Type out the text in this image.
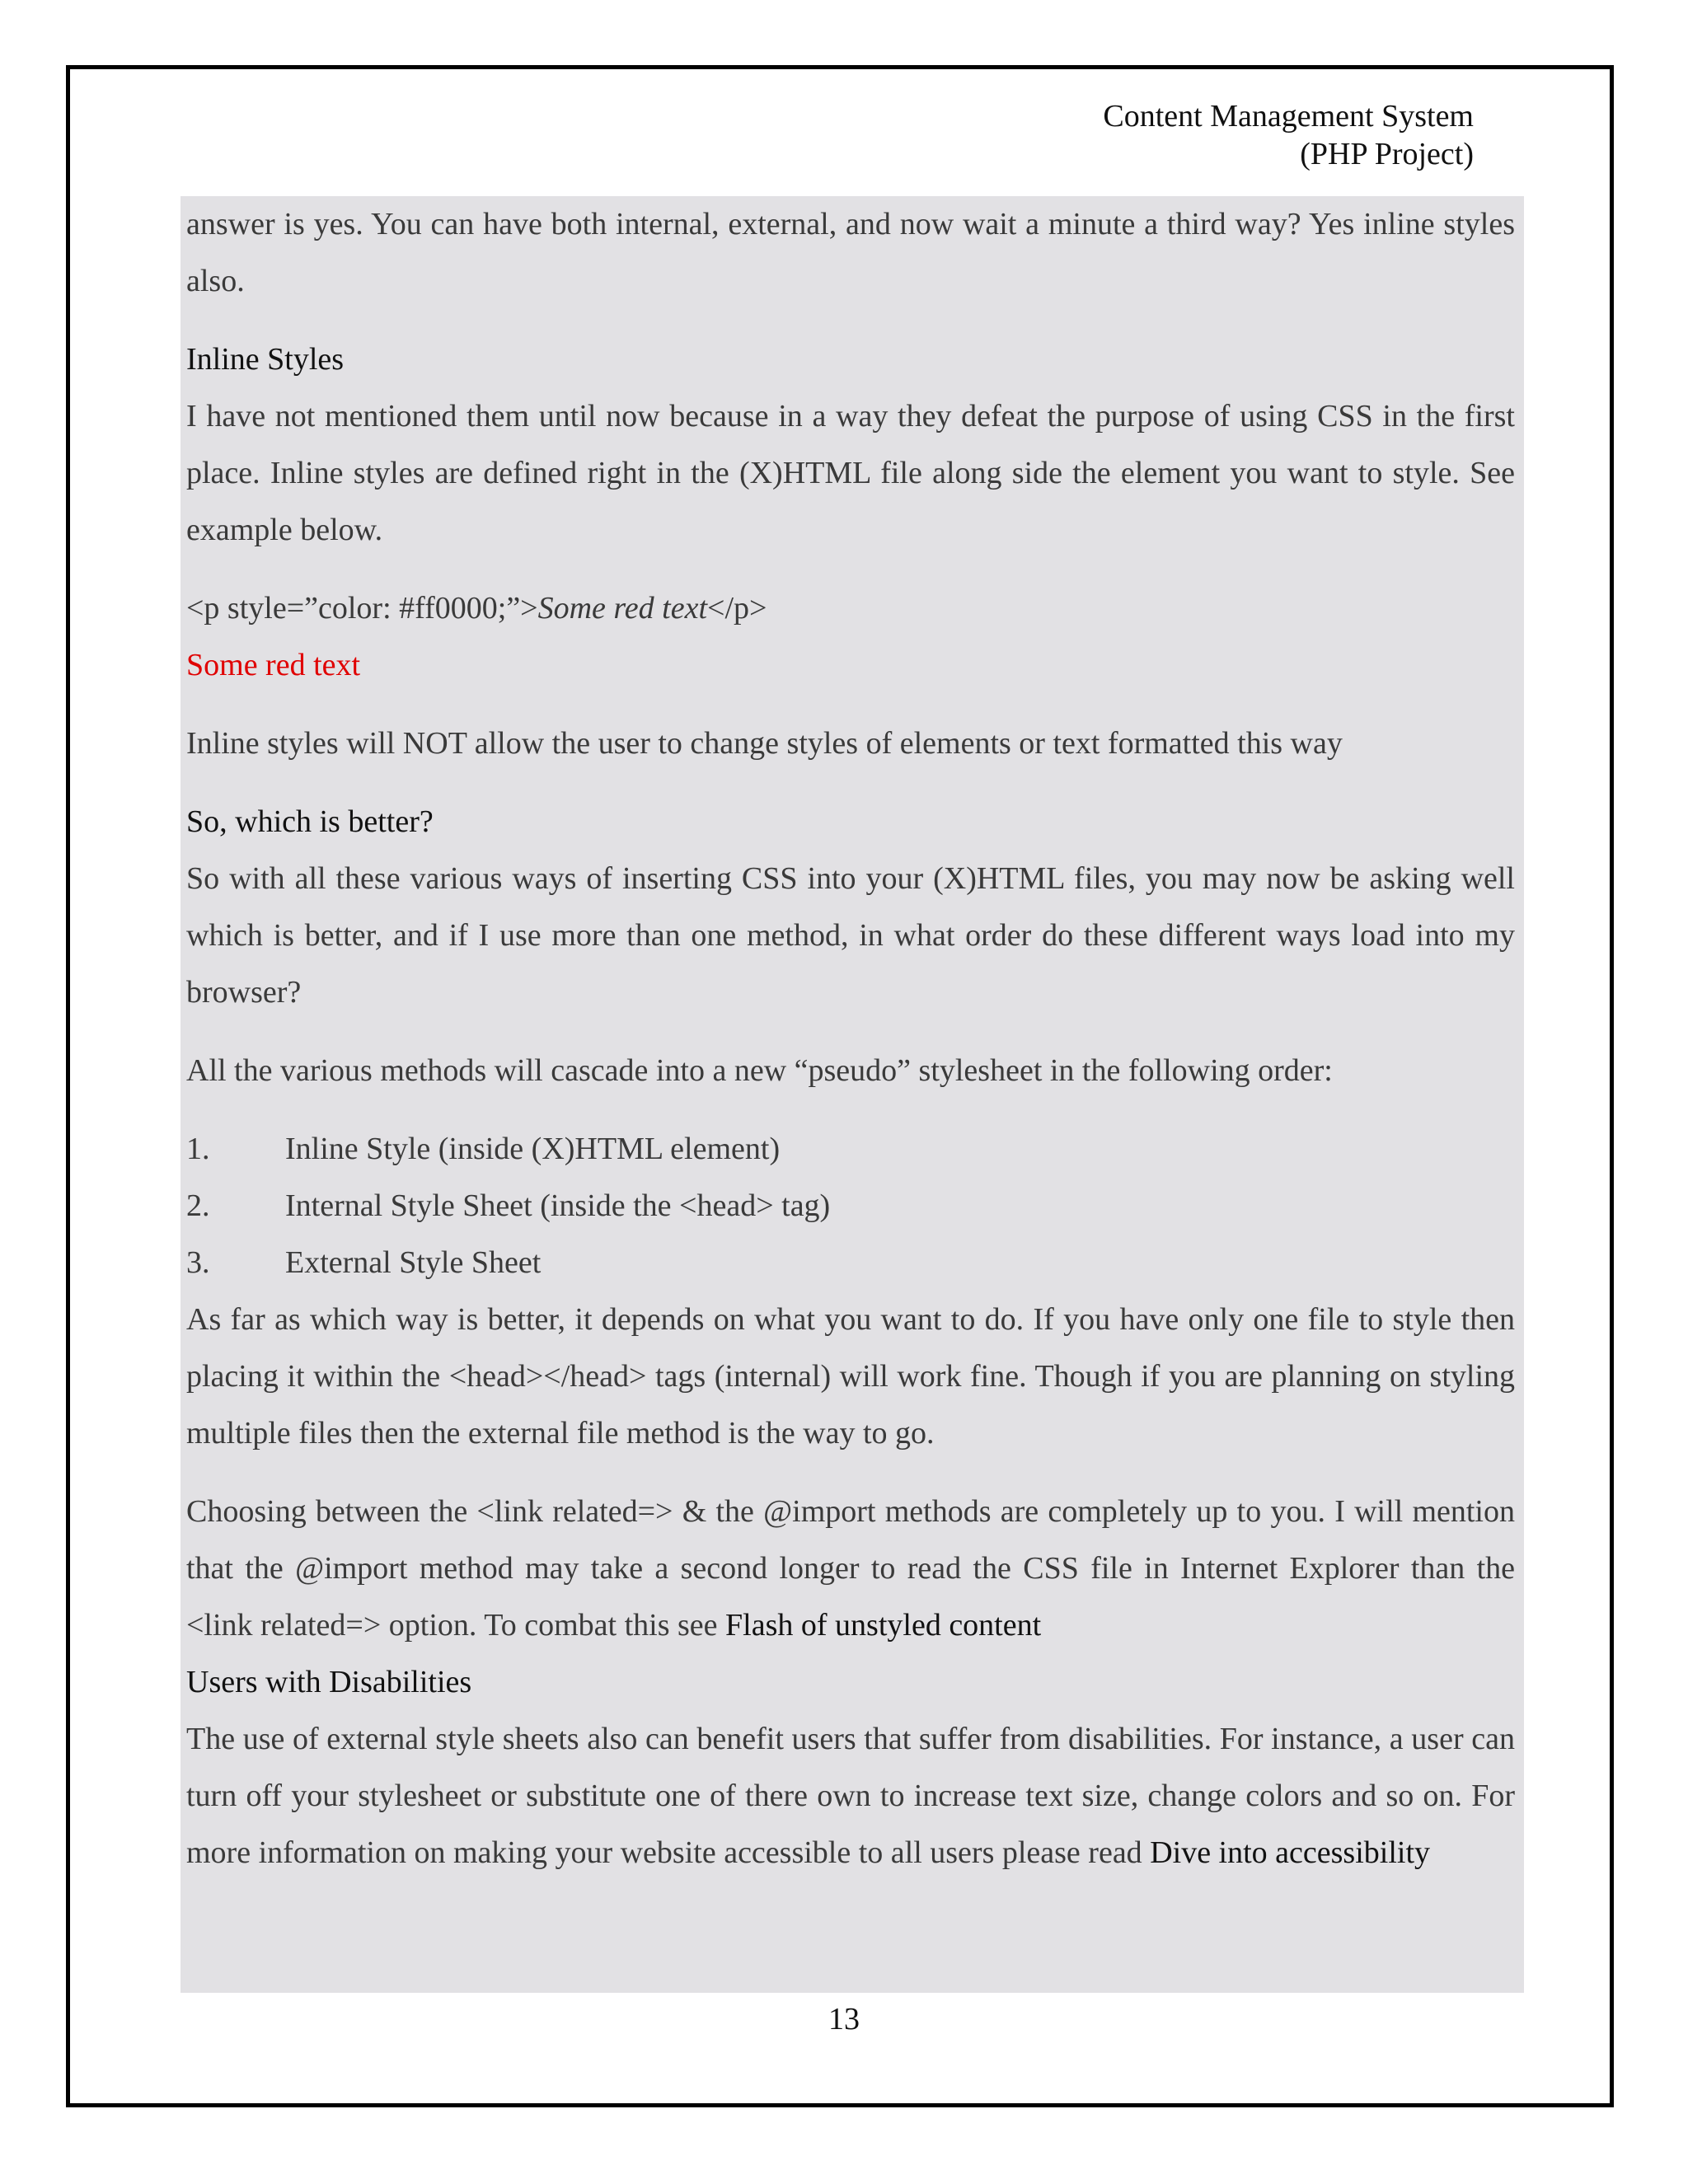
Content Management System
(PHP Project)

answer is yes. You can have both internal, external, and now wait a minute a third way? Yes inline styles also.

Inline Styles

I have not mentioned them until now because in a way they defeat the purpose of using CSS in the first place. Inline styles are defined right in the (X)HTML file along side the element you want to style. See example below.

<p style=”color: #ff0000;”>Some red text</p>

Some red text

Inline styles will NOT allow the user to change styles of elements or text formatted this way

So, which is better?

So with all these various ways of inserting CSS into your (X)HTML files, you may now be asking well which is better, and if I use more than one method, in what order do these different ways load into my browser?

All the various methods will cascade into a new “pseudo” stylesheet in the following order:

1.	Inline Style (inside (X)HTML element)
2.	Internal Style Sheet (inside the <head> tag)
3.	External Style Sheet

As far as which way is better, it depends on what you want to do. If you have only one file to style then placing it within the <head></head> tags (internal) will work fine. Though if you are planning on styling multiple files then the external file method is the way to go.

Choosing between the <link related=> & the @import methods are completely up to you. I will mention that the @import method may take a second longer to read the CSS file in Internet Explorer than the <link related=> option. To combat this see Flash of unstyled content

Users with Disabilities

The use of external style sheets also can benefit users that suffer from disabilities. For instance, a user can turn off your stylesheet or substitute one of there own to increase text size, change colors and so on. For more information on making your website accessible to all users please read Dive into accessibility

13
